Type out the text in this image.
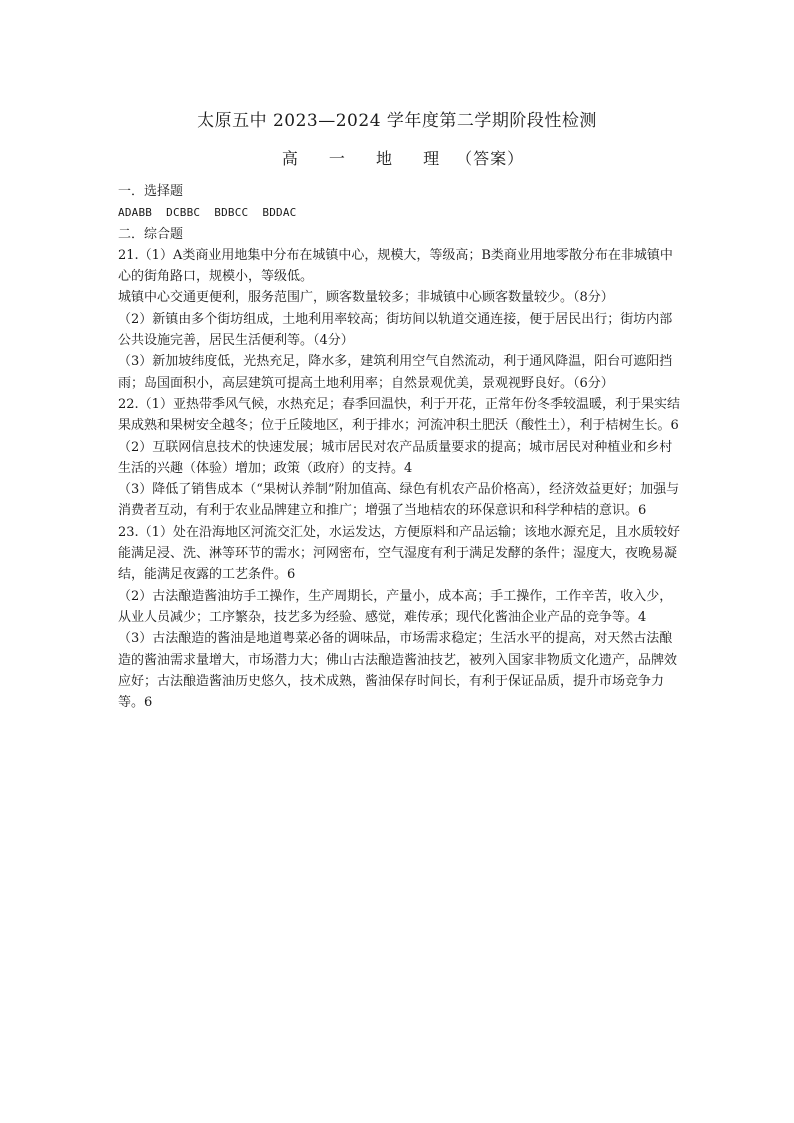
太原五中 2023—2024 学年度第二学期阶段性检测
高 一 地 理 （答案）
一．选择题
ADABB DCBBC BDBCC BDDAC
二．综合题
21.（1）A类商业用地集中分布在城镇中心，规模大，等级高；B类商业用地零散分布在非城镇中心的街角路口，规模小，等级低。
城镇中心交通更便利，服务范围广，顾客数量较多；非城镇中心顾客数量较少。（8分）
（2）新镇由多个街坊组成，土地利用率较高；街坊间以轨道交通连接，便于居民出行；街坊内部公共设施完善，居民生活便利等。（4分）
（3）新加坡纬度低，光热充足，降水多，建筑利用空气自然流动，利于通风降温，阳台可遮阳挡雨；岛国面积小，高层建筑可提高土地利用率；自然景观优美，景观视野良好。（6分）
22.（1）亚热带季风气候，水热充足；春季回温快，利于开花，正常年份冬季较温暖，利于果实结果成熟和果树安全越冬；位于丘陵地区，利于排水；河流冲积土肥沃（酸性土），利于桔树生长。6
（2）互联网信息技术的快速发展；城市居民对农产品质量要求的提高；城市居民对种植业和乡村生活的兴趣（体验）增加；政策（政府）的支持。4
（3）降低了销售成本（“果树认养制”附加值高、绿色有机农产品价格高），经济效益更好；加强与消费者互动，有利于农业品牌建立和推广；增强了当地桔农的环保意识和科学种桔的意识。6
23.（1）处在沿海地区河流交汇处，水运发达，方便原料和产品运输；该地水源充足，且水质较好能满足浸、洗、淋等环节的需水；河网密布，空气湿度有利于满足发酵的条件；湿度大，夜晚易凝结，能满足夜露的工艺条件。6
（2）古法酿造酱油坊手工操作，生产周期长，产量小，成本高；手工操作，工作辛苦，收入少，从业人员减少；工序繁杂，技艺多为经验、感觉，难传承；现代化酱油企业产品的竞争等。4
（3）古法酿造的酱油是地道粤菜必备的调味品，市场需求稳定；生活水平的提高，对天然古法酿造的酱油需求量增大，市场潜力大；佛山古法酿造酱油技艺，被列入国家非物质文化遗产，品牌效应好；古法酿造酱油历史悠久，技术成熟，酱油保存时间长，有利于保证品质，提升市场竞争力等。6
